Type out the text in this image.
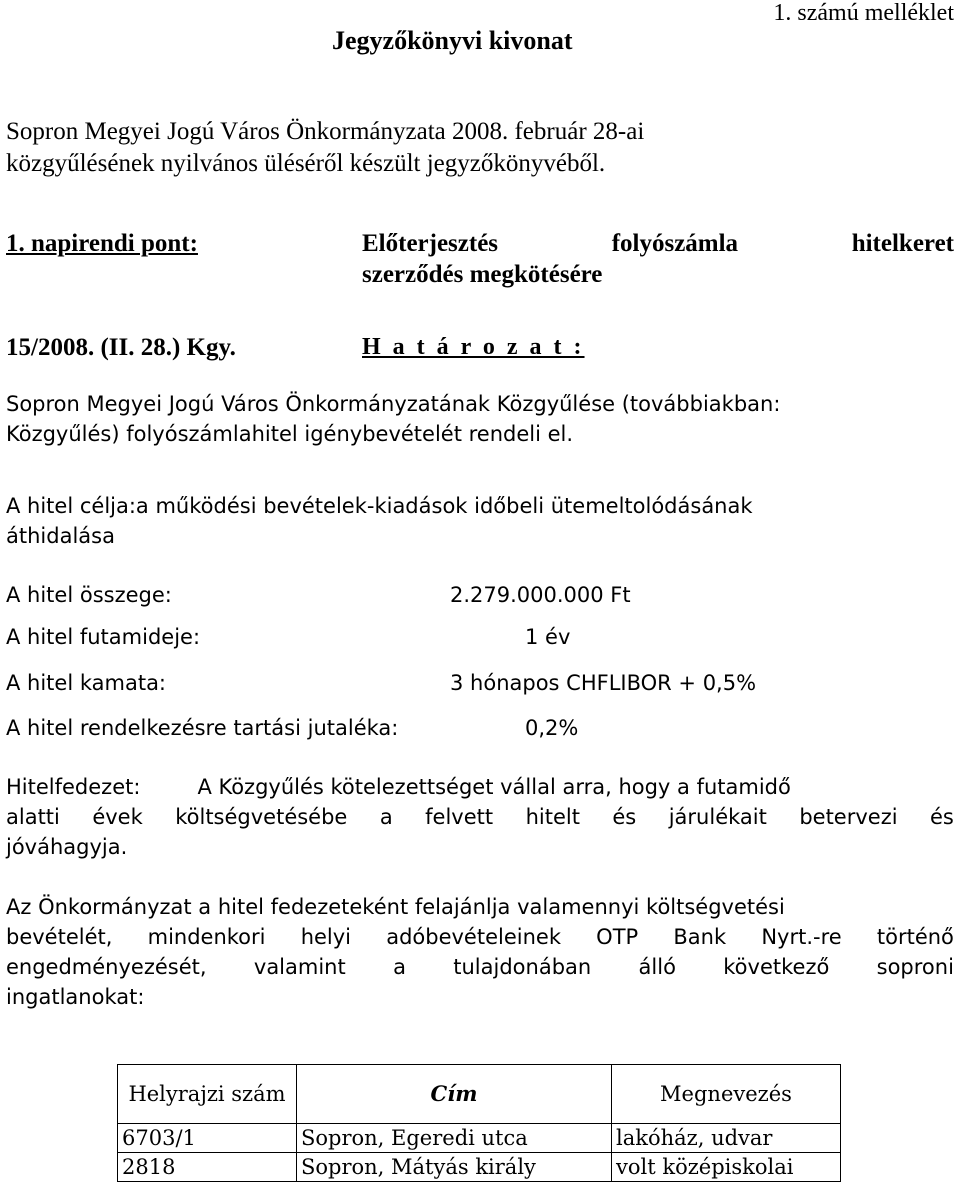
1. számú melléklet
Jegyzőkönyvi kivonat
Sopron Megyei Jogú Város Önkormányzata 2008. február 28-ai
közgyűlésének nyilvános üléséről készült jegyzőkönyvéből.
1. napirendi pont:	Előterjesztés	folyószámla	hitelkeret
szerződés megkötésére
15/2008. (II. 28.) Kgy.	H a t á r o z a t :
Sopron Megyei Jogú Város Önkormányzatának Közgyűlése (továbbiakban:
Közgyűlés) folyószámlahitel igénybevételét rendeli el.
A hitel célja:a működési bevételek-kiadások időbeli ütemeltolódásának
áthidalása
A hitel összege:	2.279.000.000 Ft
A hitel futamideje:	1 év
A hitel kamata:	3 hónapos CHFLIBOR + 0,5%
A hitel rendelkezésre tartási jutaléka:	0,2%
Hitelfedezet:	A Közgyűlés kötelezettséget vállal arra, hogy a futamidő
alatti évek költségvetésébe a felvett hitelt és járulékait betervezi és
jóváhagyja.
Az Önkormányzat a hitel fedezeteként felajánlja valamennyi költségvetési
bevételét, mindenkori helyi adóbevételeinek OTP Bank Nyrt.-re történő
engedményezését, valamint a tulajdonában álló következő soproni
ingatlanokat:
Helyrajzi szám	Cím	Megnevezés
6703/1	Sopron, Egeredi utca	lakóház, udvar
2818	Sopron, Mátyás király	volt középiskolai
